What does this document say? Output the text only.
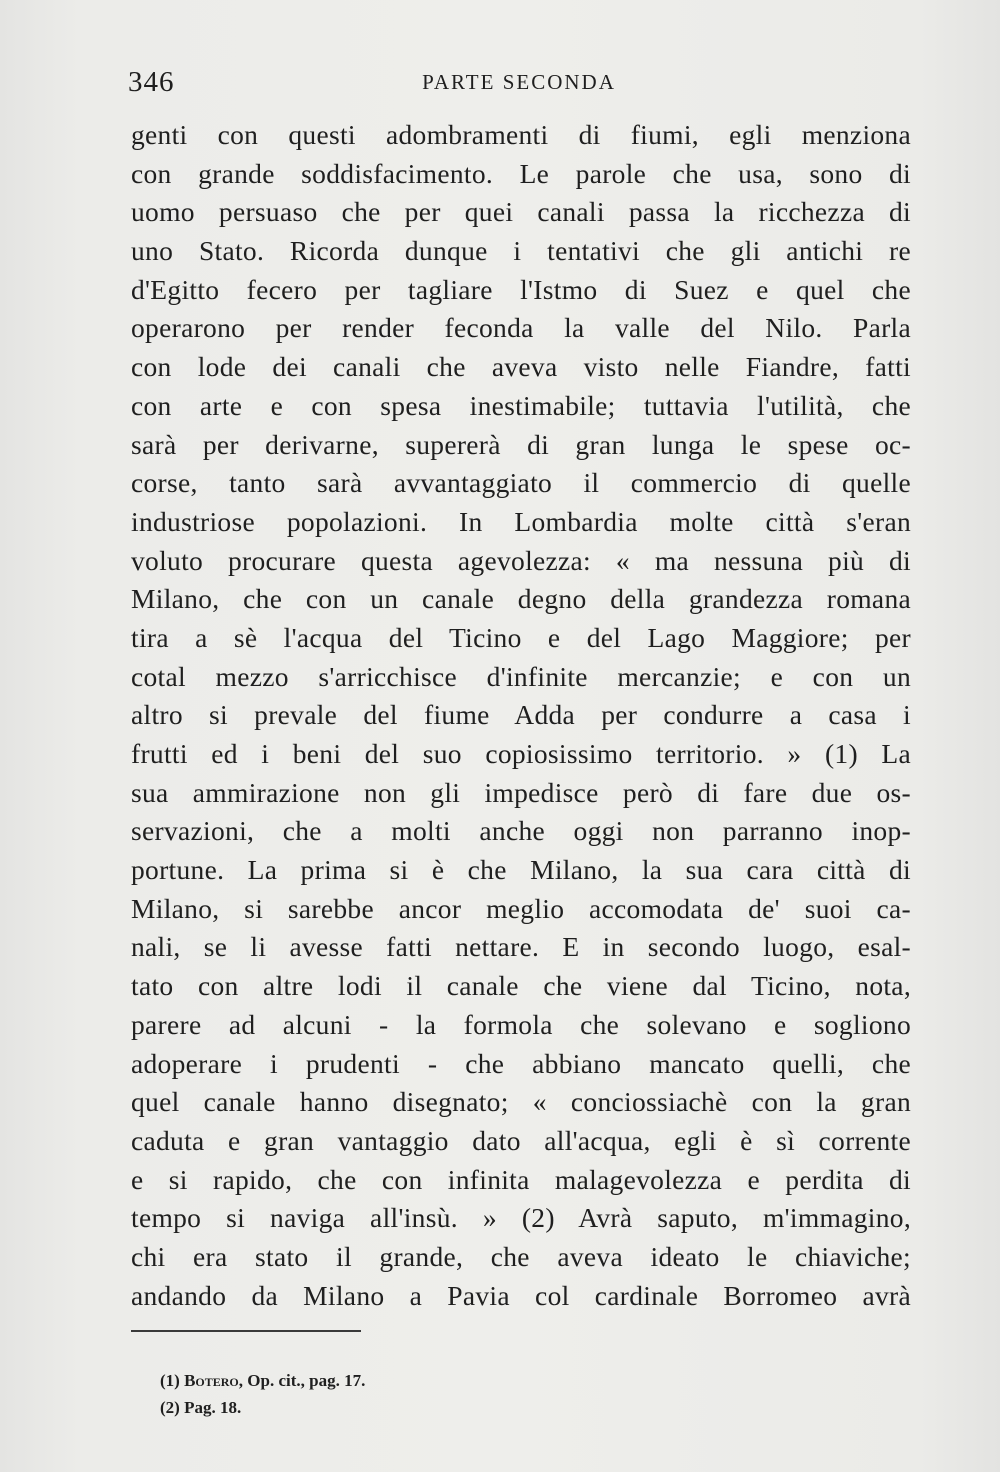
346	PARTE SECONDA
genti con questi adombramenti di fiumi, egli menziona
con grande soddisfacimento. Le parole che usa, sono di
uomo persuaso che per quei canali passa la ricchezza di
uno Stato. Ricorda dunque i tentativi che gli antichi re
d'Egitto fecero per tagliare l'Istmo di Suez e quel che
operarono per render feconda la valle del Nilo. Parla
con lode dei canali che aveva visto nelle Fiandre, fatti
con arte e con spesa inestimabile; tuttavia l'utilità, che
sarà per derivarne, supererà di gran lunga le spese oc-
corse, tanto sarà avvantaggiato il commercio di quelle
industriose popolazioni. In Lombardia molte città s'eran
voluto procurare questa agevolezza: « ma nessuna più di
Milano, che con un canale degno della grandezza romana
tira a sè l'acqua del Ticino e del Lago Maggiore; per
cotal mezzo s'arricchisce d'infinite mercanzie; e con un
altro si prevale del fiume Adda per condurre a casa i
frutti ed i beni del suo copiosissimo territorio. » (1) La
sua ammirazione non gli impedisce però di fare due os-
servazioni, che a molti anche oggi non parranno inop-
portune. La prima si è che Milano, la sua cara città di
Milano, si sarebbe ancor meglio accomodata de' suoi ca-
nali, se li avesse fatti nettare. E in secondo luogo, esal-
tato con altre lodi il canale che viene dal Ticino, nota,
parere ad alcuni - la formola che solevano e sogliono
adoperare i prudenti - che abbiano mancato quelli, che
quel canale hanno disegnato; « conciossiachè con la gran
caduta e gran vantaggio dato all'acqua, egli è sì corrente
e si rapido, che con infinita malagevolezza e perdita di
tempo si naviga all'insù. » (2) Avrà saputo, m'immagino,
chi era stato il grande, che aveva ideato le chiaviche;
andando da Milano a Pavia col cardinale Borromeo avrà
(1) Botero, Op. cit., pag. 17.
(2) Pag. 18.
